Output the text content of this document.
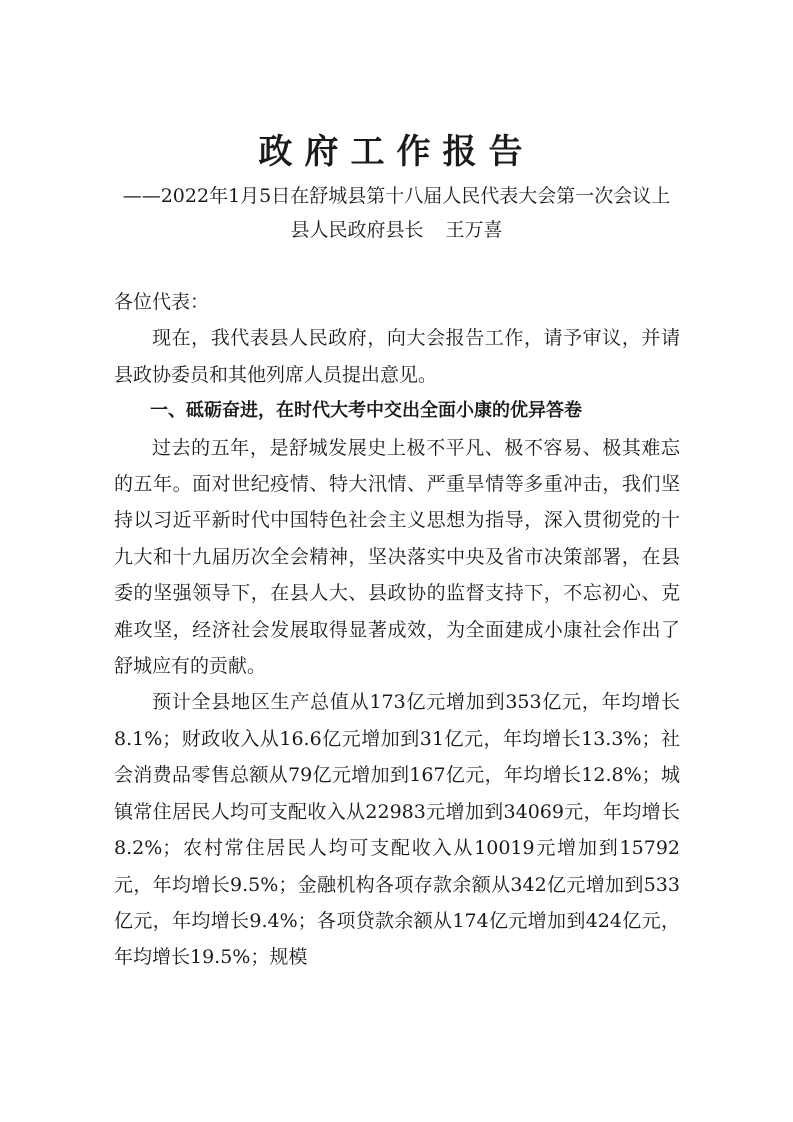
政府工作报告
——2022年1月5日在舒城县第十八届人民代表大会第一次会议上
县人民政府县长 王万喜

各位代表：

现在，我代表县人民政府，向大会报告工作，请予审议，并请县政协委员和其他列席人员提出意见。

一、砥砺奋进，在时代大考中交出全面小康的优异答卷

过去的五年，是舒城发展史上极不平凡、极不容易、极其难忘的五年。面对世纪疫情、特大汛情、严重旱情等多重冲击，我们坚持以习近平新时代中国特色社会主义思想为指导，深入贯彻党的十九大和十九届历次全会精神，坚决落实中央及省市决策部署，在县委的坚强领导下，在县人大、县政协的监督支持下，不忘初心、克难攻坚，经济社会发展取得显著成效，为全面建成小康社会作出了舒城应有的贡献。

预计全县地区生产总值从173亿元增加到353亿元，年均增长8.1%；财政收入从16.6亿元增加到31亿元，年均增长13.3%；社会消费品零售总额从79亿元增加到167亿元，年均增长12.8%；城镇常住居民人均可支配收入从22983元增加到34069元，年均增长8.2%；农村常住居民人均可支配收入从10019元增加到15792元，年均增长9.5%；金融机构各项存款余额从342亿元增加到533亿元，年均增长9.4%；各项贷款余额从174亿元增加到424亿元，年均增长19.5%；规模
